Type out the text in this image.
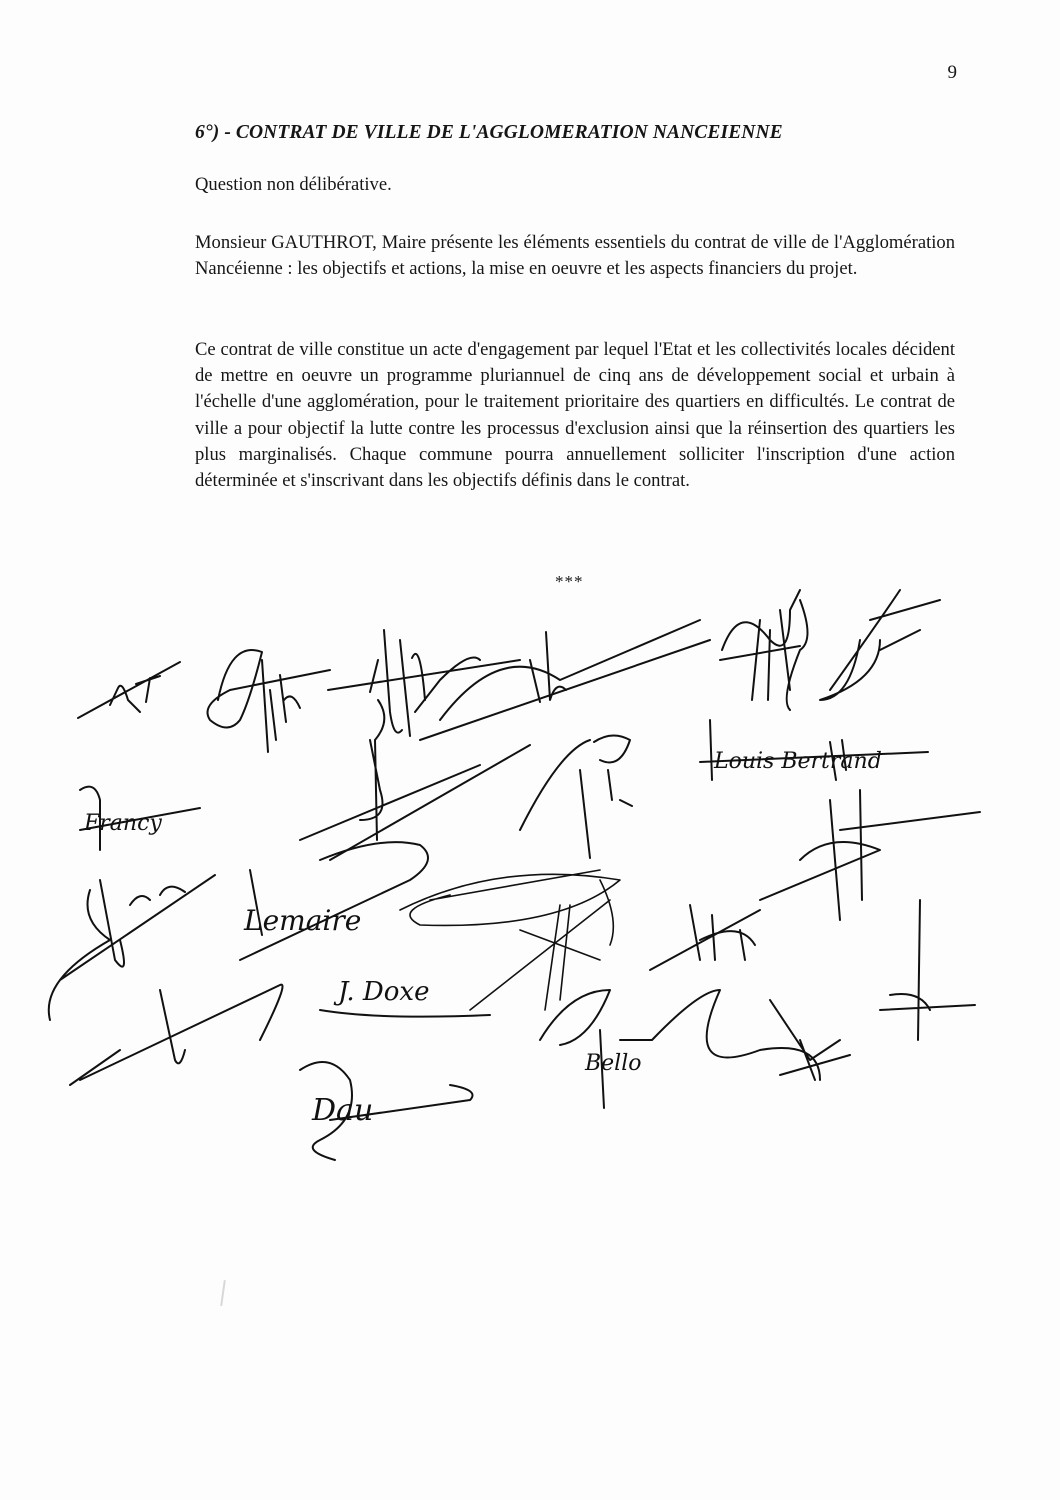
9
6°) - CONTRAT DE VILLE DE L'AGGLOMERATION NANCEIENNE

Question non délibérative.

Monsieur GAUTHROT, Maire présente les éléments essentiels du contrat de ville de l'Agglomération Nancéienne : les objectifs et actions, la mise en oeuvre et les aspects financiers du projet.

Ce contrat de ville constitue un acte d'engagement par lequel l'Etat et les collectivités locales décident de mettre en oeuvre un programme pluriannuel de cinq ans de développement social et urbain à l'échelle d'une agglomération, pour le traitement prioritaire des quartiers en difficultés. Le contrat de ville a pour objectif la lutte contre les processus d'exclusion ainsi que la réinsertion des quartiers les plus marginalisés. Chaque commune pourra annuellement solliciter l'inscription d'une action déterminée et s'inscrivant dans les objectifs définis dans le contrat.

***
Louis Bertrand
Francy
Lemaire
J. Doxe
Bello
Dau
